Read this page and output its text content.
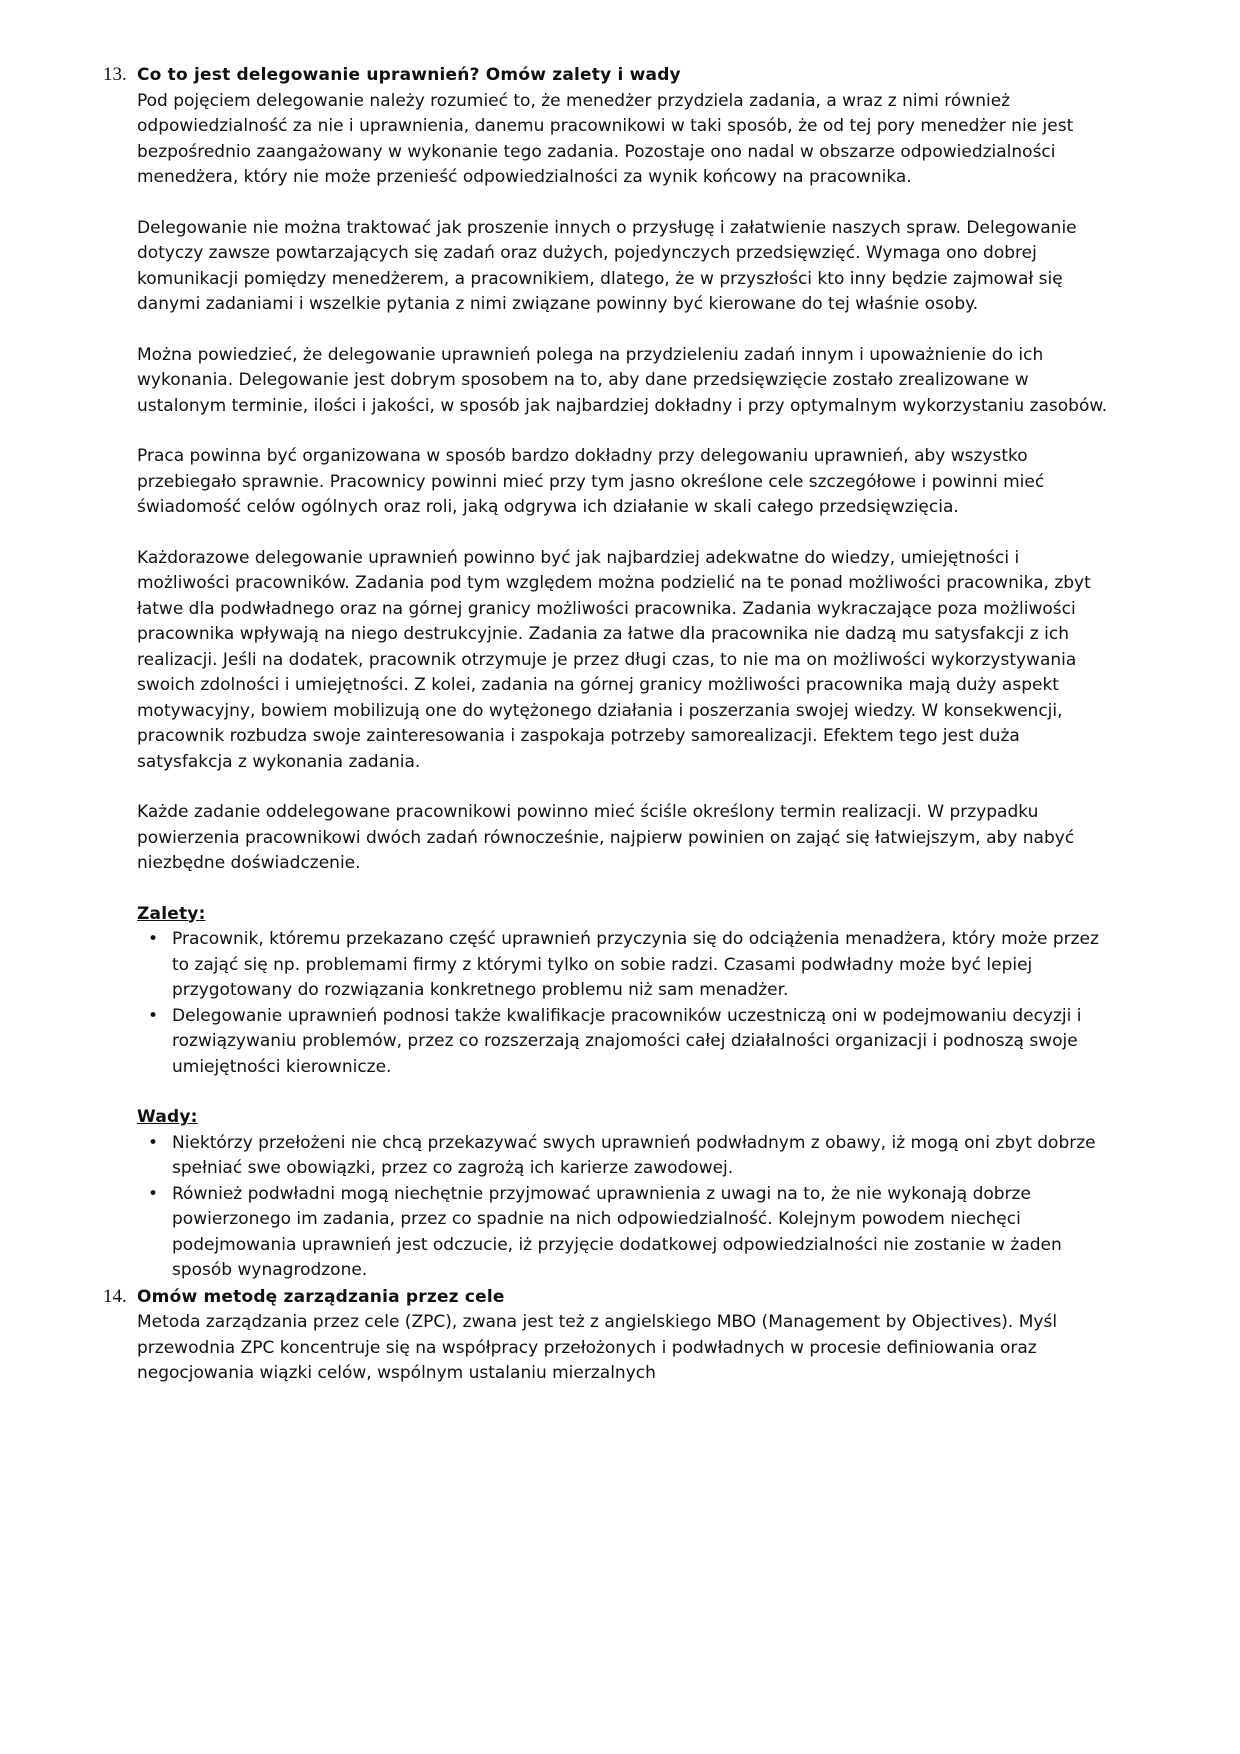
13. Co to jest delegowanie uprawnień? Omów zalety i wady

Pod pojęciem delegowanie należy rozumieć to, że menedżer przydziela zadania, a wraz z nimi również odpowiedzialność za nie i uprawnienia, danemu pracownikowi w taki sposób, że od tej pory menedżer nie jest bezpośrednio zaangażowany w wykonanie tego zadania. Pozostaje ono nadal w obszarze odpowiedzialności menedżera, który nie może przenieść odpowiedzialności za wynik końcowy na pracownika.

Delegowanie nie można traktować jak proszenie innych o przysługę i załatwienie naszych spraw. Delegowanie dotyczy zawsze powtarzających się zadań oraz dużych, pojedynczych przedsięwzięć. Wymaga ono dobrej komunikacji pomiędzy menedżerem, a pracownikiem, dlatego, że w przyszłości kto inny będzie zajmował się danymi zadaniami i wszelkie pytania z nimi związane powinny być kierowane do tej właśnie osoby.

Można powiedzieć, że delegowanie uprawnień polega na przydzieleniu zadań innym i upoważnienie do ich wykonania. Delegowanie jest dobrym sposobem na to, aby dane przedsięwzięcie zostało zrealizowane w ustalonym terminie, ilości i jakości, w sposób jak najbardziej dokładny i przy optymalnym wykorzystaniu zasobów.

Praca powinna być organizowana w sposób bardzo dokładny przy delegowaniu uprawnień, aby wszystko przebiegało sprawnie. Pracownicy powinni mieć przy tym jasno określone cele szczegółowe i powinni mieć świadomość celów ogólnych oraz roli, jaką odgrywa ich działanie w skali całego przedsięwzięcia.

Każdorazowe delegowanie uprawnień powinno być jak najbardziej adekwatne do wiedzy, umiejętności i możliwości pracowników. Zadania pod tym względem można podzielić na te ponad możliwości pracownika, zbyt łatwe dla podwładnego oraz na górnej granicy możliwości pracownika. Zadania wykraczające poza możliwości pracownika wpływają na niego destrukcyjnie. Zadania za łatwe dla pracownika nie dadzą mu satysfakcji z ich realizacji. Jeśli na dodatek, pracownik otrzymuje je przez długi czas, to nie ma on możliwości wykorzystywania swoich zdolności i umiejętności. Z kolei, zadania na górnej granicy możliwości pracownika mają duży aspekt motywacyjny, bowiem mobilizują one do wytężonego działania i poszerzania swojej wiedzy. W konsekwencji, pracownik rozbudza swoje zainteresowania i zaspokaja potrzeby samorealizacji. Efektem tego jest duża satysfakcja z wykonania zadania.

Każde zadanie oddelegowane pracownikowi powinno mieć ściśle określony termin realizacji. W przypadku powierzenia pracownikowi dwóch zadań równocześnie, najpierw powinien on zająć się łatwiejszym, aby nabyć niezbędne doświadczenie.

Zalety:
• Pracownik, któremu przekazano część uprawnień przyczynia się do odciążenia menadżera, który może przez to zająć się np. problemami firmy z którymi tylko on sobie radzi. Czasami podwładny może być lepiej przygotowany do rozwiązania konkretnego problemu niż sam menadżer.
• Delegowanie uprawnień podnosi także kwalifikacje pracowników uczestniczą oni w podejmowaniu decyzji i rozwiązywaniu problemów, przez co rozszerzają znajomości całej działalności organizacji i podnoszą swoje umiejętności kierownicze.
Wady:
• Niektórzy przełożeni nie chcą przekazywać swych uprawnień podwładnym z obawy, iż mogą oni zbyt dobrze spełniać swe obowiązki, przez co zagrożą ich karierze zawodowej.
• Również podwładni mogą niechętnie przyjmować uprawnienia z uwagi na to, że nie wykonają dobrze powierzonego im zadania, przez co spadnie na nich odpowiedzialność. Kolejnym powodem niechęci podejmowania uprawnień jest odczucie, iż przyjęcie dodatkowej odpowiedzialności nie zostanie w żaden sposób wynagrodzone.
14. Omów metodę zarządzania przez cele

Metoda zarządzania przez cele (ZPC), zwana jest też z angielskiego MBO (Management by Objectives). Myśl przewodnia ZPC koncentruje się na współpracy przełożonych i podwładnych w procesie definiowania oraz negocjowania wiązki celów, wspólnym ustalaniu mierzalnych
